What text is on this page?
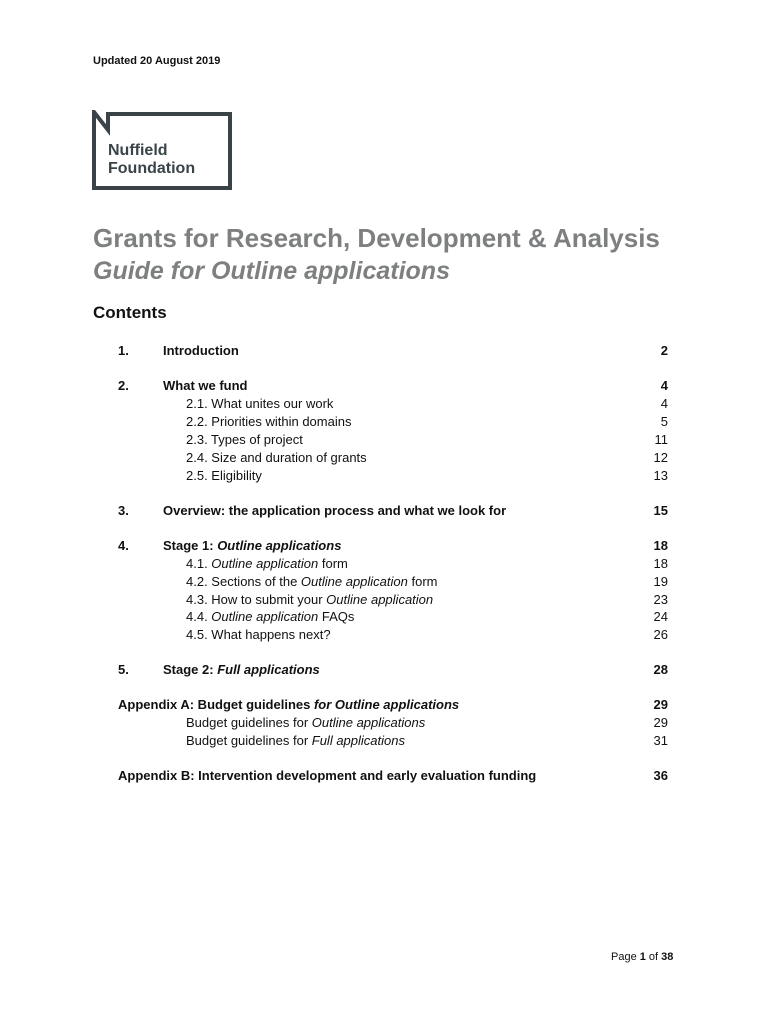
Updated 20 August 2019
Nuffield
Foundation
Grants for Research, Development & Analysis
Guide for Outline applications
Contents
1.	Introduction	2
2.	What we fund	4
2.1. What unites our work	4
2.2. Priorities within domains	5
2.3. Types of project	11
2.4. Size and duration of grants	12
2.5. Eligibility	13
3.	Overview: the application process and what we look for	15
4.	Stage 1: Outline applications	18
4.1. Outline application form	18
4.2. Sections of the Outline application form	19
4.3. How to submit your Outline application	23
4.4. Outline application FAQs	24
4.5. What happens next?	26
5.	Stage 2: Full applications	28
Appendix A: Budget guidelines for Outline applications	29
Budget guidelines for Outline applications	29
Budget guidelines for Full applications	31
Appendix B: Intervention development and early evaluation funding	36
Page 1 of 38
